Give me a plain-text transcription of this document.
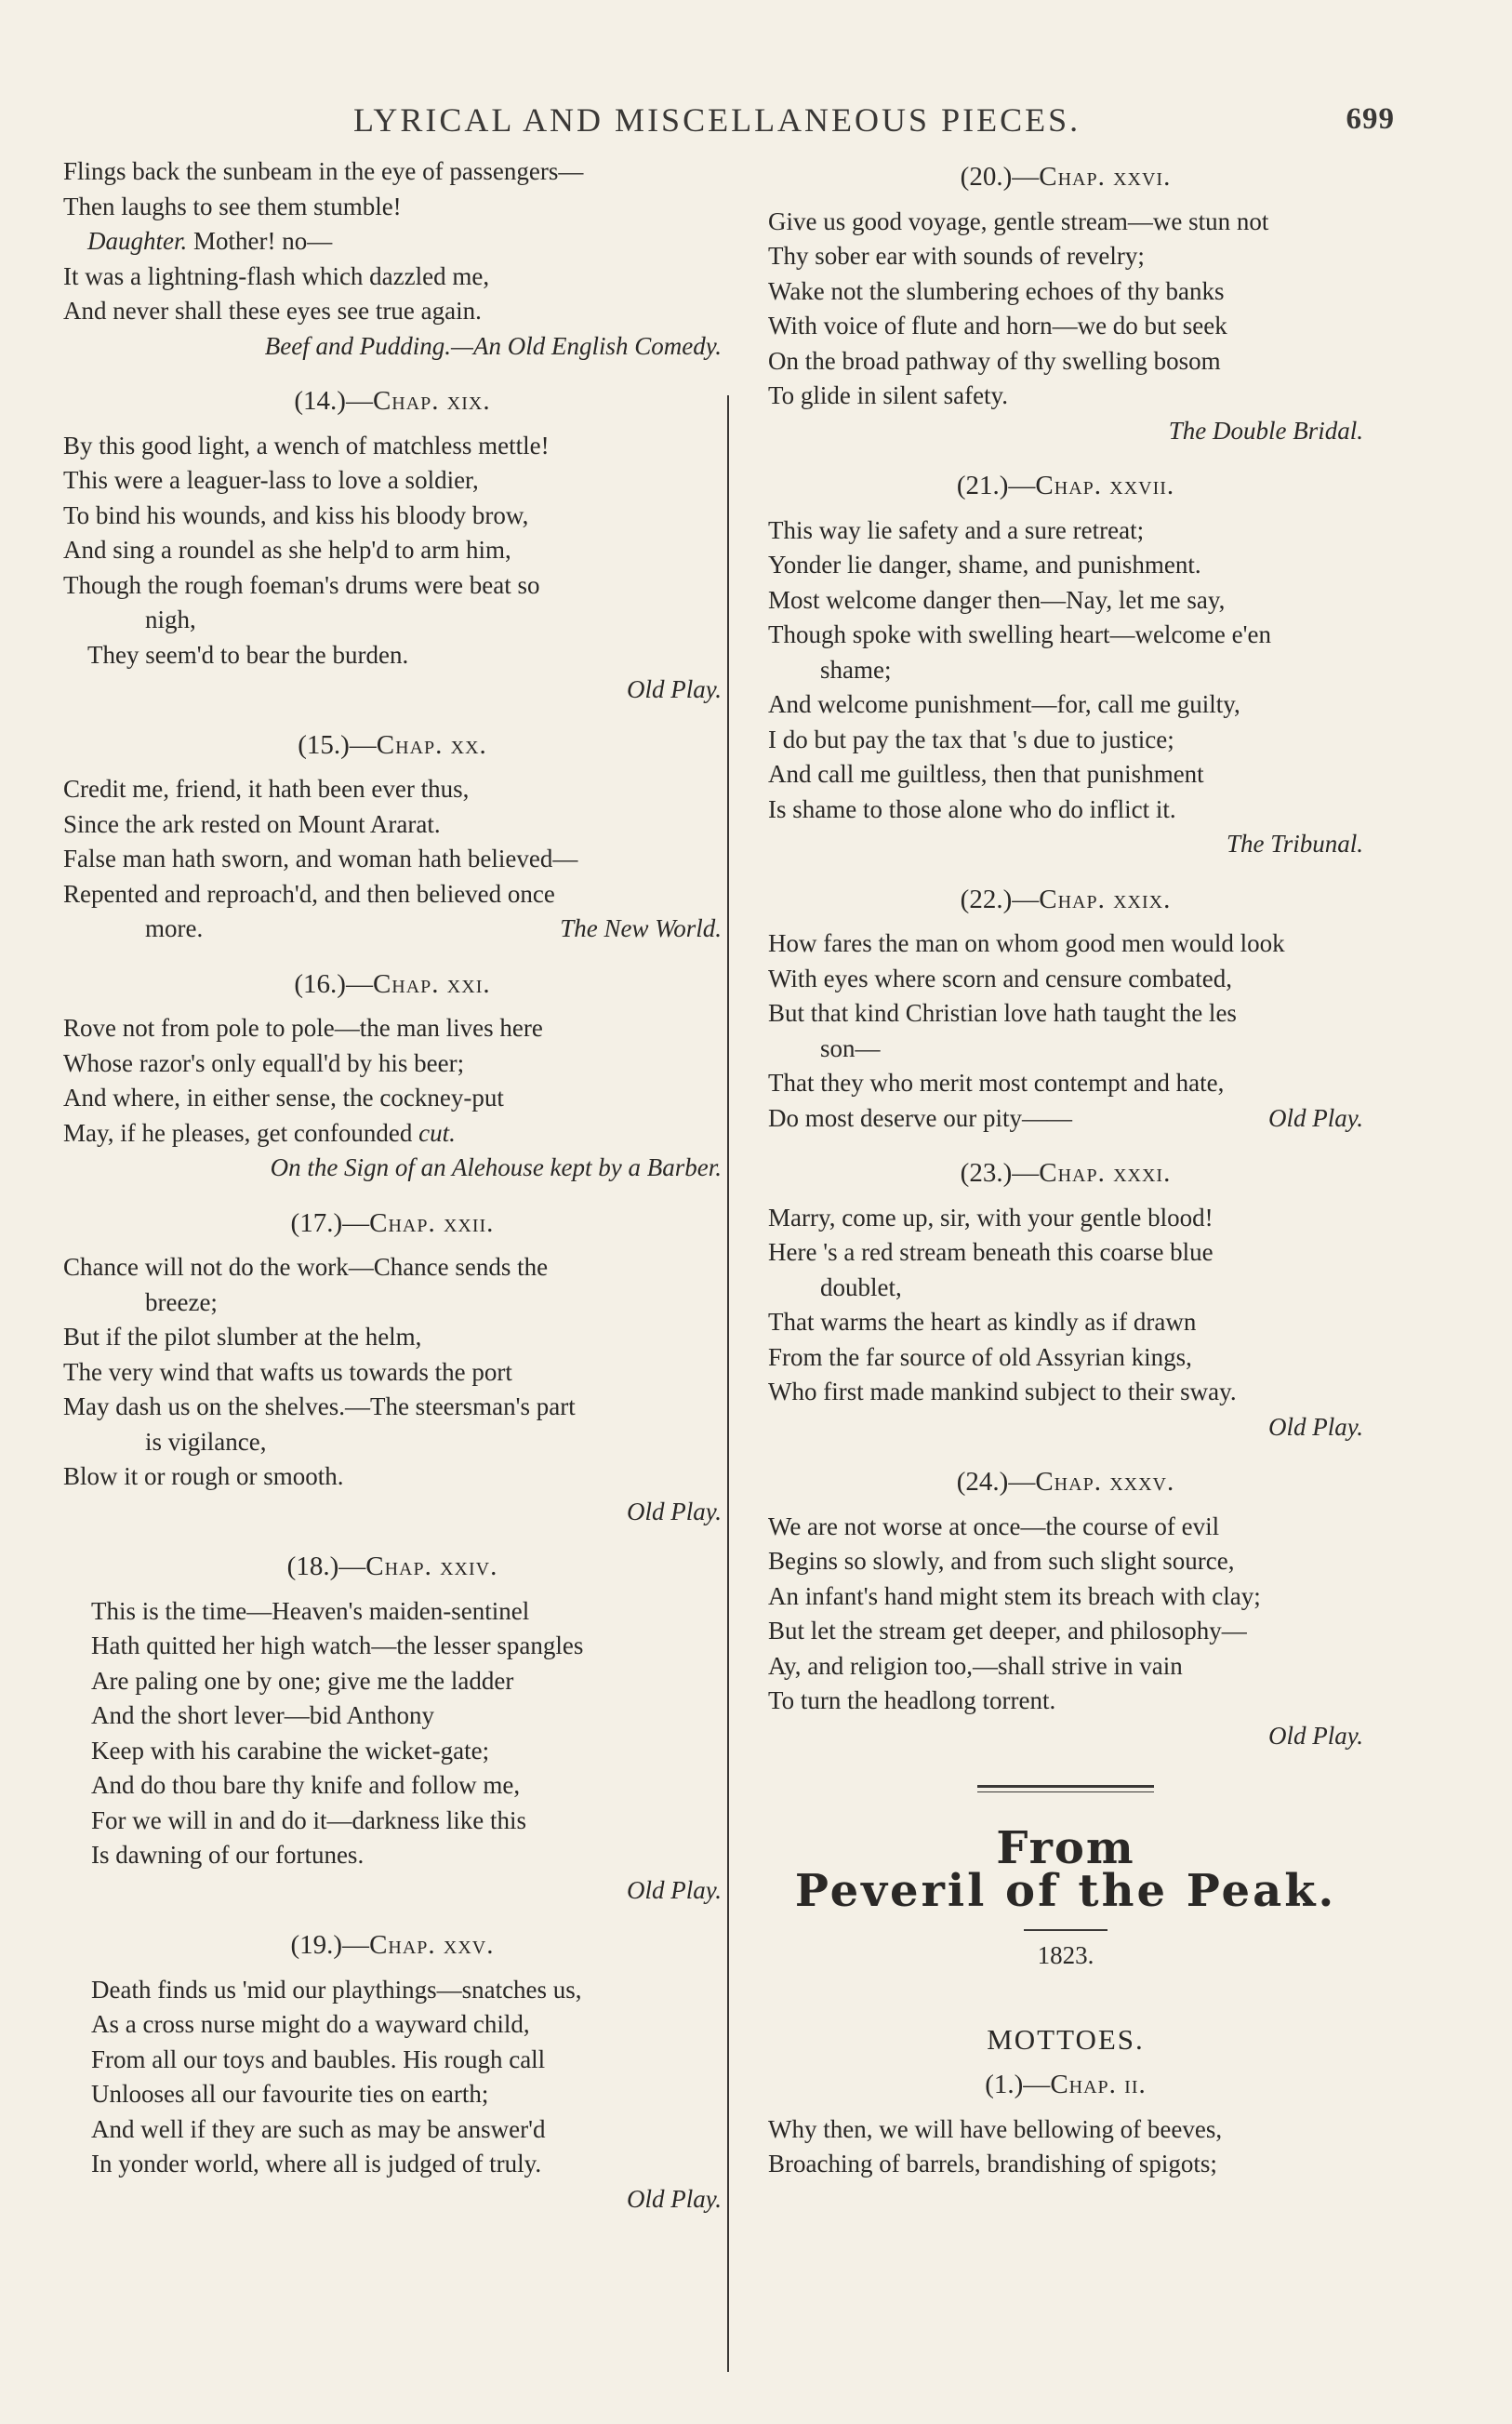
LYRICAL AND MISCELLANEOUS PIECES.	699
Flings back the sunbeam in the eye of passengers—
Then laughs to see them stumble!
Daughter. Mother! no—
It was a lightning-flash which dazzled me,
And never shall these eyes see true again.
Beef and Pudding.—An Old English Comedy.
(14.)—Chap. xix.
By this good light, a wench of matchless mettle!
This were a leaguer-lass to love a soldier,
To bind his wounds, and kiss his bloody brow,
And sing a roundel as she help'd to arm him,
Though the rough foeman's drums were beat so
nigh,
They seem'd to bear the burden.
Old Play.
(15.)—Chap. xx.
Credit me, friend, it hath been ever thus,
Since the ark rested on Mount Ararat.
False man hath sworn, and woman hath believed—
Repented and reproach'd, and then believed once
more.	The New World.
(16.)—Chap. xxi.
Rove not from pole to pole—the man lives here
Whose razor's only equall'd by his beer;
And where, in either sense, the cockney-put
May, if he pleases, get confounded cut.
On the Sign of an Alehouse kept by a Barber.
(17.)—Chap. xxii.
Chance will not do the work—Chance sends the
breeze;
But if the pilot slumber at the helm,
The very wind that wafts us towards the port
May dash us on the shelves.—The steersman's part
is vigilance,
Blow it or rough or smooth.
Old Play.
(18.)—Chap. xxiv.
This is the time—Heaven's maiden-sentinel
Hath quitted her high watch—the lesser spangles
Are paling one by one; give me the ladder
And the short lever—bid Anthony
Keep with his carabine the wicket-gate;
And do thou bare thy knife and follow me,
For we will in and do it—darkness like this
Is dawning of our fortunes.
Old Play.
(19.)—Chap. xxv.
Death finds us 'mid our playthings—snatches us,
As a cross nurse might do a wayward child,
From all our toys and baubles. His rough call
Unlooses all our favourite ties on earth;
And well if they are such as may be answer'd
In yonder world, where all is judged of truly.
Old Play.
(20.)—Chap. xxvi.
Give us good voyage, gentle stream—we stun not
Thy sober ear with sounds of revelry;
Wake not the slumbering echoes of thy banks
With voice of flute and horn—we do but seek
On the broad pathway of thy swelling bosom
To glide in silent safety.
The Double Bridal.
(21.)—Chap. xxvii.
This way lie safety and a sure retreat;
Yonder lie danger, shame, and punishment.
Most welcome danger then—Nay, let me say,
Though spoke with swelling heart—welcome e'en
shame;
And welcome punishment—for, call me guilty,
I do but pay the tax that 's due to justice;
And call me guiltless, then that punishment
Is shame to those alone who do inflict it.
The Tribunal.
(22.)—Chap. xxix.
How fares the man on whom good men would look
With eyes where scorn and censure combated,
But that kind Christian love hath taught the les
son—
That they who merit most contempt and hate,
Do most deserve our pity——	Old Play.
(23.)—Chap. xxxi.
Marry, come up, sir, with your gentle blood!
Here 's a red stream beneath this coarse blue
doublet,
That warms the heart as kindly as if drawn
From the far source of old Assyrian kings,
Who first made mankind subject to their sway.
Old Play.
(24.)—Chap. xxxv.
We are not worse at once—the course of evil
Begins so slowly, and from such slight source,
An infant's hand might stem its breach with clay;
But let the stream get deeper, and philosophy—
Ay, and religion too,—shall strive in vain
To turn the headlong torrent.
Old Play.
From
Peveril of the Peak.
1823.
MOTTOES.
(1.)—Chap. ii.
Why then, we will have bellowing of beeves,
Broaching of barrels, brandishing of spigots;
